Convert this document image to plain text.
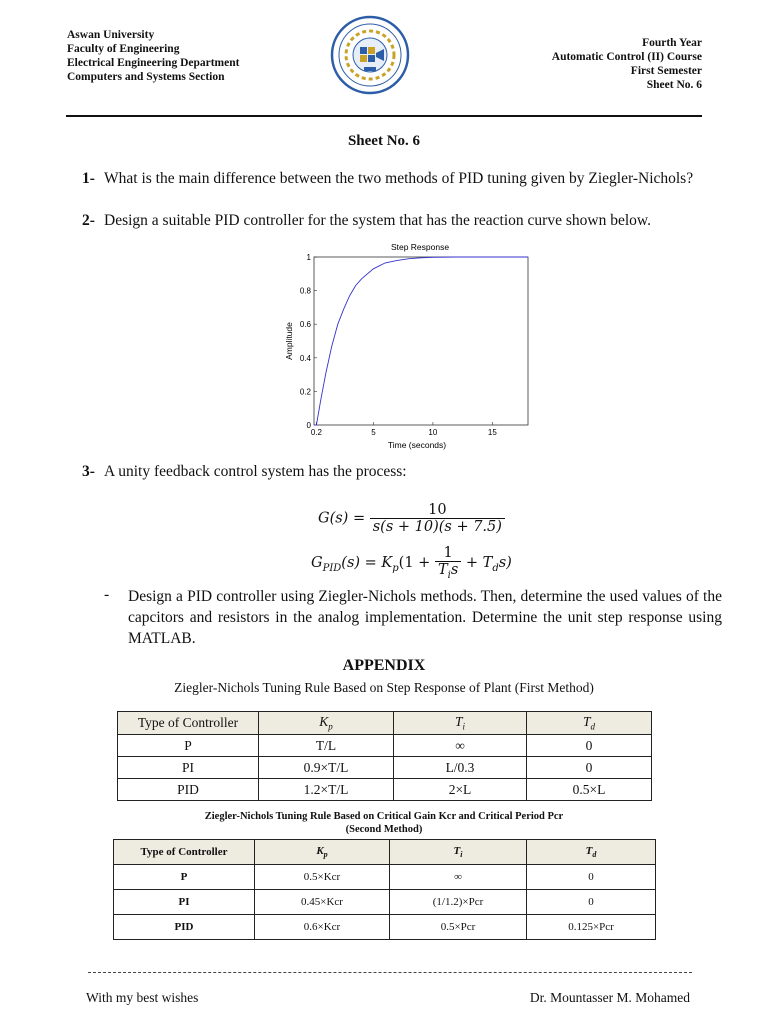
Aswan University
Faculty of Engineering
Electrical Engineering Department
Computers and Systems Section
Fourth Year
Automatic Control (II) Course
First Semester
Sheet No. 6
Sheet No. 6
1- What is the main difference between the two methods of PID tuning given by Ziegler-Nichols?
2- Design a suitable PID controller for the system that has the reaction curve shown below.
Step Response
Time (seconds)
Amplitude
0.2	5	10	15
0
0.2
0.4
0.6
0.8
1
3- A unity feedback control system has the process:
$G(s) = \frac{10}{s(s + 10)(s + 7.5)}$
$G_{PID}(s) = K_p(1 + \frac{1}{T_is} + T_ds)$
- Design a PID controller using Ziegler-Nichols methods. Then, determine the used values of the capcitors and resistors in the analog implementation. Determine the unit step response using MATLAB.
APPENDIX
Ziegler-Nichols Tuning Rule Based on Step Response of Plant (First Method)
Type of Controller	$K_p$	$T_i$	$T_d$
P	T/L	∞	0
PI	0.9×T/L	L/0.3	0
PID	1.2×T/L	2×L	0.5×L
Ziegler-Nichols Tuning Rule Based on Critical Gain Kcr and Critical Period Pcr
(Second Method)
Type of Controller	$K_p$	$T_i$	$T_d$
P	0.5×Kcr	∞	0
PI	0.45×Kcr	(1/1.2)×Pcr	0
PID	0.6×Kcr	0.5×Pcr	0.125×Pcr
With my best wishes	Dr. Mountasser M. Mohamed
